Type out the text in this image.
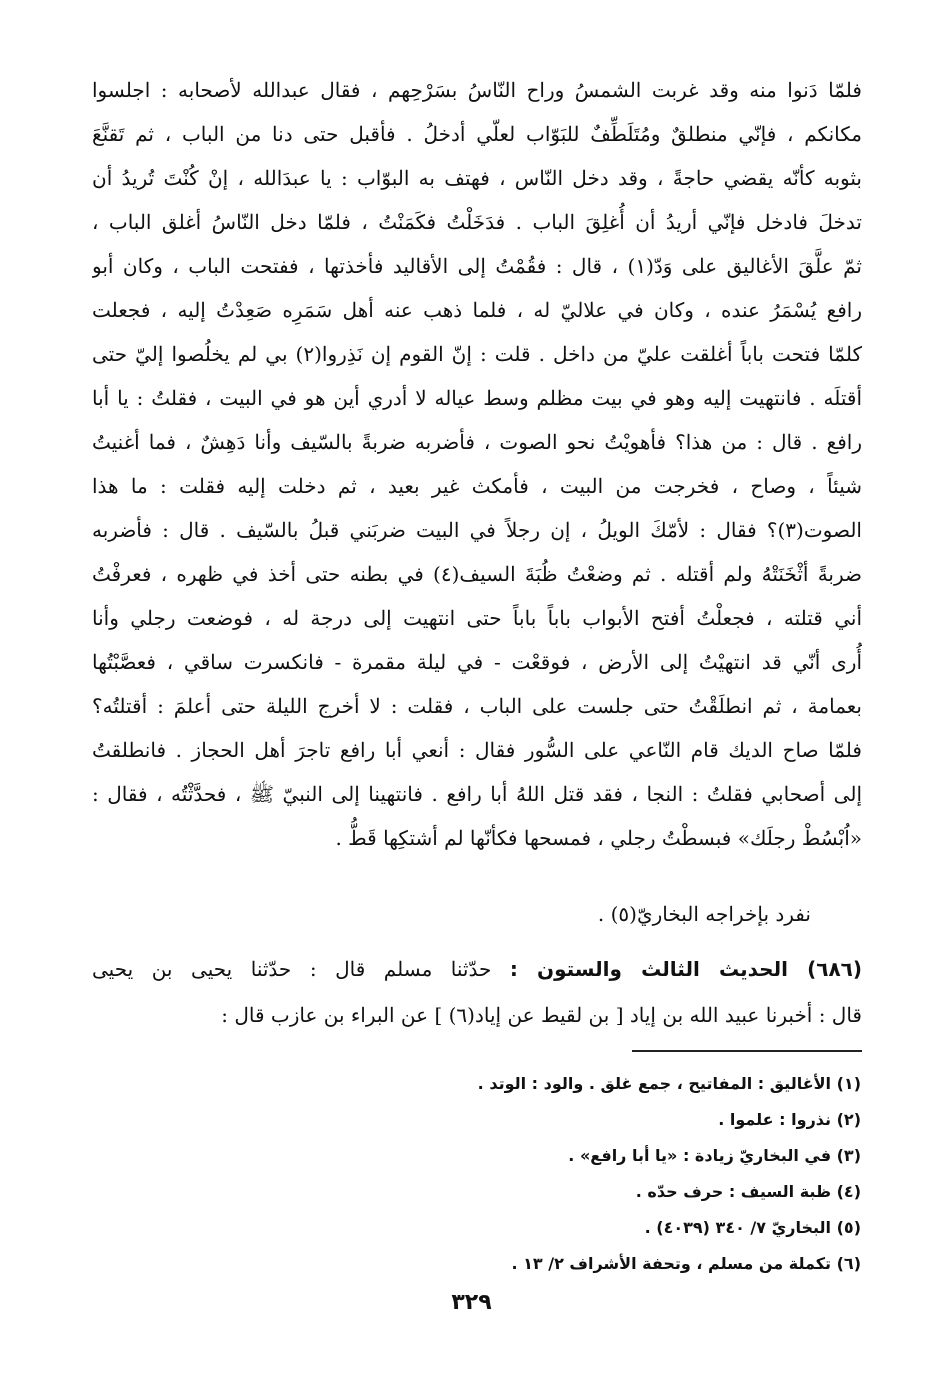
فلمّا دَنوا منه وقد غربت الشمسُ وراح النّاسُ بسَرْحِهم ، فقال عبدالله لأصحابه : اجلسوا
مكانكم ، فإنّي منطلقٌ ومُتَلَطِّفٌ للبَوّاب لعلّي أدخلُ . فأقبل حتى دنا من الباب ، ثم تَقنَّعَ
بثوبه كأنّه يقضي حاجةً ، وقد دخل النّاس ، فهتف به البوّاب : يا عبدَالله ، إنْ كُنْتَ تُريدُ أن
تدخلَ فادخل فإنّي أريدُ أن أُغلِقَ الباب . فدَخَلْتُ فكَمَنْتُ ، فلمّا دخل النّاسُ أغلق الباب ،
ثمّ علَّقَ الأغاليق على وَدّ(١) ، قال : فقُمْتُ إلى الأقاليد فأخذتها ، ففتحت الباب ، وكان أبو
رافع يُسْمَرُ عنده ، وكان في علاليّ له ، فلما ذهب عنه أهل سَمَرِه صَعِدْتُ إليه ، فجعلت
كلمّا فتحت باباً أغلقت عليّ من داخل . قلت : إنّ القوم إن نَذِروا(٢) بي لم يخلُصوا إليّ حتى
أقتلَه . فانتهيت إليه وهو في بيت مظلم وسط عياله لا أدري أين هو في البيت ، فقلتُ : يا أبا
رافع . قال : من هذا؟ فأهويْتُ نحو الصوت ، فأضربه ضربةً بالسّيف وأنا دَهِشٌ ، فما أغنيتُ
شيئاً ، وصاح ، فخرجت من البيت ، فأمكث غير بعيد ، ثم دخلت إليه فقلت : ما هذا
الصوت(٣)؟ فقال : لأمّكَ الويلُ ، إن رجلاً في البيت ضربَني قبلُ بالسّيف . قال : فأضربه
ضربةً أثْخَنَتْهُ ولم أقتله . ثم وضعْتُ ظُبَةَ السيف(٤) في بطنه حتى أخذ في ظهره ، فعرفْتُ
أني قتلته ، فجعلْتُ أفتح الأبواب باباً باباً حتى انتهيت إلى درجة له ، فوضعت رجلي وأنا
أُرى أنّي قد انتهيْتُ إلى الأرض ، فوقعْت - في ليلة مقمرة - فانكسرت ساقي ، فعصَّبْتُها
بعمامة ، ثم انطلَقْتُ حتى جلست على الباب ، فقلت : لا أخرج الليلة حتى أعلمَ : أقتلتُه؟
فلمّا صاح الديك قام النّاعي على السُّور فقال : أنعي أبا رافع تاجرَ أهل الحجاز . فانطلقتُ
إلى أصحابي فقلتُ : النجا ، فقد قتل اللهُ أبا رافع . فانتهينا إلى النبيّ ﷺ ، فحدَّثْتُه ، فقال :
«اُبْسُطْ رجلَك» فبسطْتُ رجلي ، فمسحها فكأنّها لم أشتكِها قَطُّ .
نفرد بإخراجه البخاريّ(٥) .
(٦٨٦) الحديث الثالث والستون : حدّثنا مسلم قال : حدّثنا يحيى بن يحيى
قال : أخبرنا عبيد الله بن إياد [ بن لقيط عن إياد(٦) ] عن البراء بن عازب قال :
(١) الأغاليق : المفاتيح ، جمع غلق . والود : الوتد .
(٢) نذروا : علموا .
(٣) في البخاريّ زيادة : «يا أبا رافع» .
(٤) ظبة السيف : حرف حدّه .
(٥) البخاريّ ٧/ ٣٤٠ (٤٠٣٩) .
(٦) تكملة من مسلم ، وتحفة الأشراف ٢/ ١٣ .
٣٢٩
